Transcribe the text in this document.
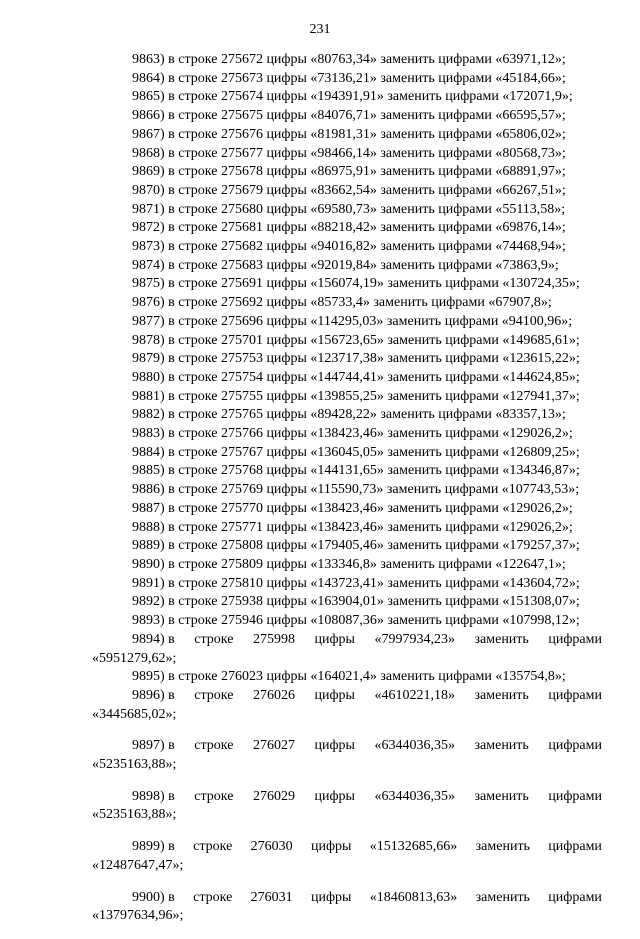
231

9863) в строке 275672 цифры «80763,34» заменить цифрами «63971,12»;

9864) в строке 275673 цифры «73136,21» заменить цифрами «45184,66»;

9865) в строке 275674 цифры «194391,91» заменить цифрами «172071,9»;

9866) в строке 275675 цифры «84076,71» заменить цифрами «66595,57»;

9867) в строке 275676 цифры «81981,31» заменить цифрами «65806,02»;

9868) в строке 275677 цифры «98466,14» заменить цифрами «80568,73»;

9869) в строке 275678 цифры «86975,91» заменить цифрами «68891,97»;

9870) в строке 275679 цифры «83662,54» заменить цифрами «66267,51»;

9871) в строке 275680 цифры «69580,73» заменить цифрами «55113,58»;

9872) в строке 275681 цифры «88218,42» заменить цифрами «69876,14»;

9873) в строке 275682 цифры «94016,82» заменить цифрами «74468,94»;

9874) в строке 275683 цифры «92019,84» заменить цифрами «73863,9»;

9875) в строке 275691 цифры «156074,19» заменить цифрами «130724,35»;

9876) в строке 275692 цифры «85733,4» заменить цифрами «67907,8»;

9877) в строке 275696 цифры «114295,03» заменить цифрами «94100,96»;

9878) в строке 275701 цифры «156723,65» заменить цифрами «149685,61»;

9879) в строке 275753 цифры «123717,38» заменить цифрами «123615,22»;

9880) в строке 275754 цифры «144744,41» заменить цифрами «144624,85»;

9881) в строке 275755 цифры «139855,25» заменить цифрами «127941,37»;

9882) в строке 275765 цифры «89428,22» заменить цифрами «83357,13»;

9883) в строке 275766 цифры «138423,46» заменить цифрами «129026,2»;

9884) в строке 275767 цифры «136045,05» заменить цифрами «126809,25»;

9885) в строке 275768 цифры «144131,65» заменить цифрами «134346,87»;

9886) в строке 275769 цифры «115590,73» заменить цифрами «107743,53»;

9887) в строке 275770 цифры «138423,46» заменить цифрами «129026,2»;

9888) в строке 275771 цифры «138423,46» заменить цифрами «129026,2»;

9889) в строке 275808 цифры «179405,46» заменить цифрами «179257,37»;

9890) в строке 275809 цифры «133346,8» заменить цифрами «122647,1»;

9891) в строке 275810 цифры «143723,41» заменить цифрами «143604,72»;

9892) в строке 275938 цифры «163904,01» заменить цифрами «151308,07»;

9893) в строке 275946 цифры «108087,36» заменить цифрами «107998,12»;

9894) в строке 275998 цифры «7997934,23» заменить цифрами

«5951279,62»;

9895) в строке 276023 цифры «164021,4» заменить цифрами «135754,8»;

9896) в строке 276026 цифры «4610221,18» заменить цифрами

«3445685,02»;

9897) в строке 276027 цифры «6344036,35» заменить цифрами

«5235163,88»;

9898) в строке 276029 цифры «6344036,35» заменить цифрами

«5235163,88»;

9899) в строке 276030 цифры «15132685,66» заменить цифрами

«12487647,47»;

9900) в строке 276031 цифры «18460813,63» заменить цифрами

«13797634,96»;
